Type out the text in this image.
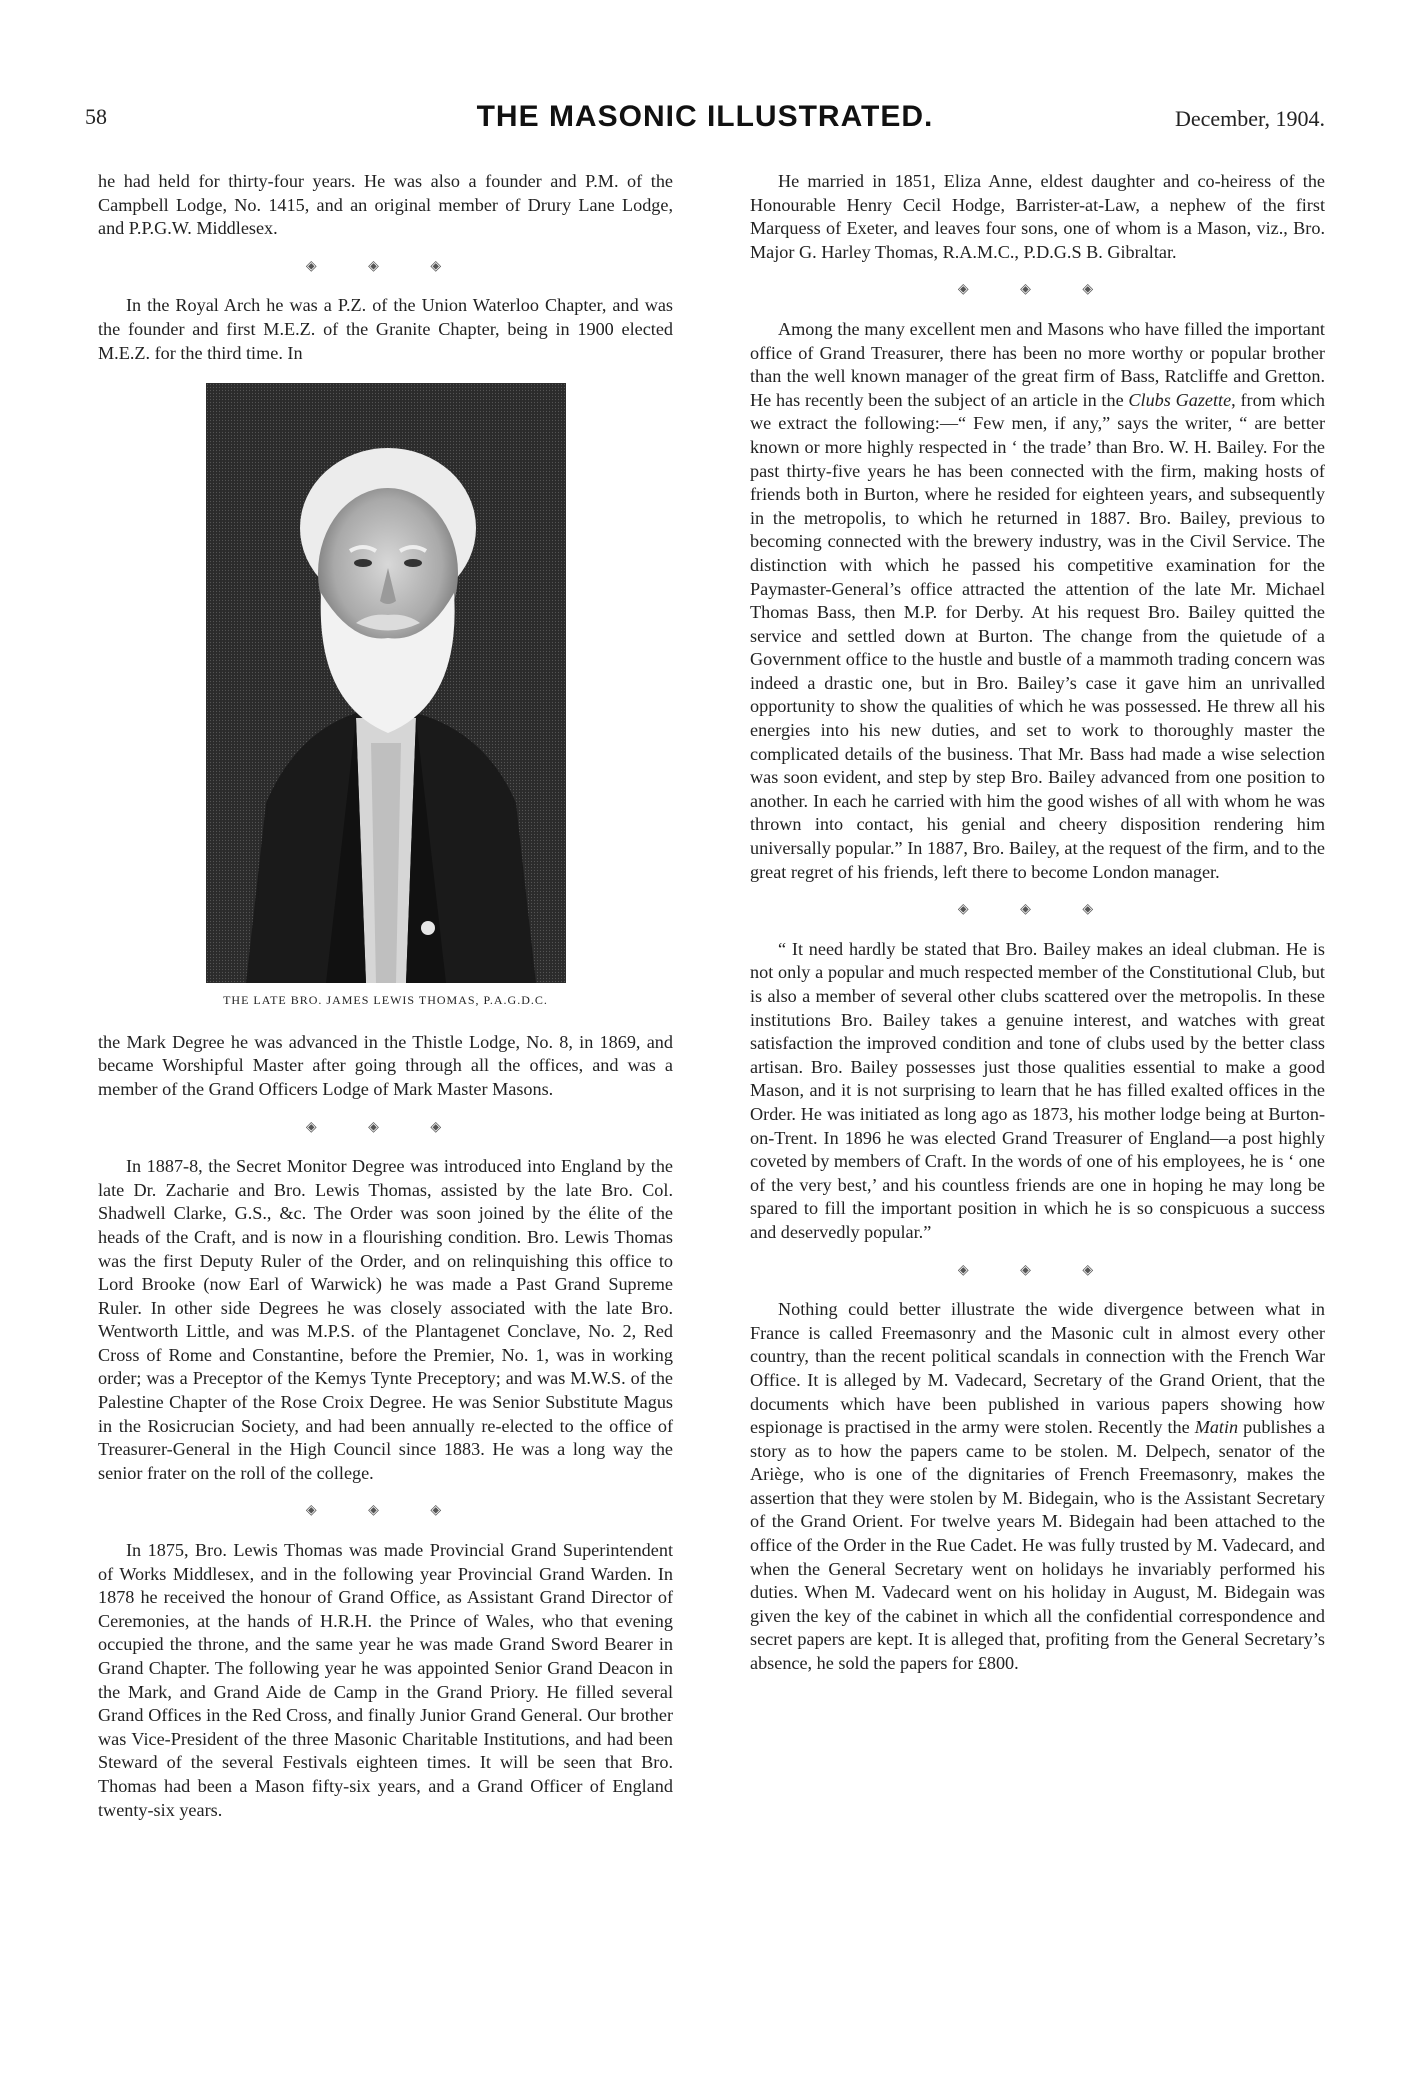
58	THE MASONIC ILLUSTRATED.	December, 1904.

he had held for thirty-four years. He was also a founder and P.M. of the Campbell Lodge, No. 1415, and an original member of Drury Lane Lodge, and P.P.G.W. Middlesex.

◈ ◈ ◈

In the Royal Arch he was a P.Z. of the Union Waterloo Chapter, and was the founder and first M.E.Z. of the Granite Chapter, being in 1900 elected M.E.Z. for the third time. In

THE LATE BRO. JAMES LEWIS THOMAS, P.A.G.D.C.

the Mark Degree he was advanced in the Thistle Lodge, No. 8, in 1869, and became Worshipful Master after going through all the offices, and was a member of the Grand Officers Lodge of Mark Master Masons.

◈ ◈ ◈

In 1887-8, the Secret Monitor Degree was introduced into England by the late Dr. Zacharie and Bro. Lewis Thomas, assisted by the late Bro. Col. Shadwell Clarke, G.S., &c. The Order was soon joined by the élite of the heads of the Craft, and is now in a flourishing condition. Bro. Lewis Thomas was the first Deputy Ruler of the Order, and on relinquishing this office to Lord Brooke (now Earl of Warwick) he was made a Past Grand Supreme Ruler. In other side Degrees he was closely associated with the late Bro. Wentworth Little, and was M.P.S. of the Plantagenet Conclave, No. 2, Red Cross of Rome and Constantine, before the Premier, No. 1, was in working order; was a Preceptor of the Kemys Tynte Preceptory; and was M.W.S. of the Palestine Chapter of the Rose Croix Degree. He was Senior Substitute Magus in the Rosicrucian Society, and had been annually re-elected to the office of Treasurer-General in the High Council since 1883. He was a long way the senior frater on the roll of the college.

◈ ◈ ◈

In 1875, Bro. Lewis Thomas was made Provincial Grand Superintendent of Works Middlesex, and in the following year Provincial Grand Warden. In 1878 he received the honour of Grand Office, as Assistant Grand Director of Ceremonies, at the hands of H.R.H. the Prince of Wales, who that evening occupied the throne, and the same year he was made Grand Sword Bearer in Grand Chapter. The following year he was appointed Senior Grand Deacon in the Mark, and Grand Aide de Camp in the Grand Priory. He filled several Grand Offices in the Red Cross, and finally Junior Grand General. Our brother was Vice-President of the three Masonic Charitable Institutions, and had been Steward of the several Festivals eighteen times. It will be seen that Bro. Thomas had been a Mason fifty-six years, and a Grand Officer of England twenty-six years.

He married in 1851, Eliza Anne, eldest daughter and co-heiress of the Honourable Henry Cecil Hodge, Barrister-at-Law, a nephew of the first Marquess of Exeter, and leaves four sons, one of whom is a Mason, viz., Bro. Major G. Harley Thomas, R.A.M.C., P.D.G.S B. Gibraltar.

◈ ◈ ◈

Among the many excellent men and Masons who have filled the important office of Grand Treasurer, there has been no more worthy or popular brother than the well known manager of the great firm of Bass, Ratcliffe and Gretton. He has recently been the subject of an article in the Clubs Gazette, from which we extract the following:—“ Few men, if any,” says the writer, “ are better known or more highly respected in ‘ the trade’ than Bro. W. H. Bailey. For the past thirty-five years he has been connected with the firm, making hosts of friends both in Burton, where he resided for eighteen years, and subsequently in the metropolis, to which he returned in 1887. Bro. Bailey, previous to becoming connected with the brewery industry, was in the Civil Service. The distinction with which he passed his competitive examination for the Paymaster-General’s office attracted the attention of the late Mr. Michael Thomas Bass, then M.P. for Derby. At his request Bro. Bailey quitted the service and settled down at Burton. The change from the quietude of a Government office to the hustle and bustle of a mammoth trading concern was indeed a drastic one, but in Bro. Bailey’s case it gave him an unrivalled opportunity to show the qualities of which he was possessed. He threw all his energies into his new duties, and set to work to thoroughly master the complicated details of the business. That Mr. Bass had made a wise selection was soon evident, and step by step Bro. Bailey advanced from one position to another. In each he carried with him the good wishes of all with whom he was thrown into contact, his genial and cheery disposition rendering him universally popular.” In 1887, Bro. Bailey, at the request of the firm, and to the great regret of his friends, left there to become London manager.

◈ ◈ ◈

“ It need hardly be stated that Bro. Bailey makes an ideal clubman. He is not only a popular and much respected member of the Constitutional Club, but is also a member of several other clubs scattered over the metropolis. In these institutions Bro. Bailey takes a genuine interest, and watches with great satisfaction the improved condition and tone of clubs used by the better class artisan. Bro. Bailey possesses just those qualities essential to make a good Mason, and it is not surprising to learn that he has filled exalted offices in the Order. He was initiated as long ago as 1873, his mother lodge being at Burton-on-Trent. In 1896 he was elected Grand Treasurer of England—a post highly coveted by members of Craft. In the words of one of his employees, he is ‘ one of the very best,’ and his countless friends are one in hoping he may long be spared to fill the important position in which he is so conspicuous a success and deservedly popular.”

◈ ◈ ◈

Nothing could better illustrate the wide divergence between what in France is called Freemasonry and the Masonic cult in almost every other country, than the recent political scandals in connection with the French War Office. It is alleged by M. Vadecard, Secretary of the Grand Orient, that the documents which have been published in various papers showing how espionage is practised in the army were stolen. Recently the Matin publishes a story as to how the papers came to be stolen. M. Delpech, senator of the Ariège, who is one of the dignitaries of French Freemasonry, makes the assertion that they were stolen by M. Bidegain, who is the Assistant Secretary of the Grand Orient. For twelve years M. Bidegain had been attached to the office of the Order in the Rue Cadet. He was fully trusted by M. Vadecard, and when the General Secretary went on holidays he invariably performed his duties. When M. Vadecard went on his holiday in August, M. Bidegain was given the key of the cabinet in which all the confidential correspondence and secret papers are kept. It is alleged that, profiting from the General Secretary’s absence, he sold the papers for £800.
